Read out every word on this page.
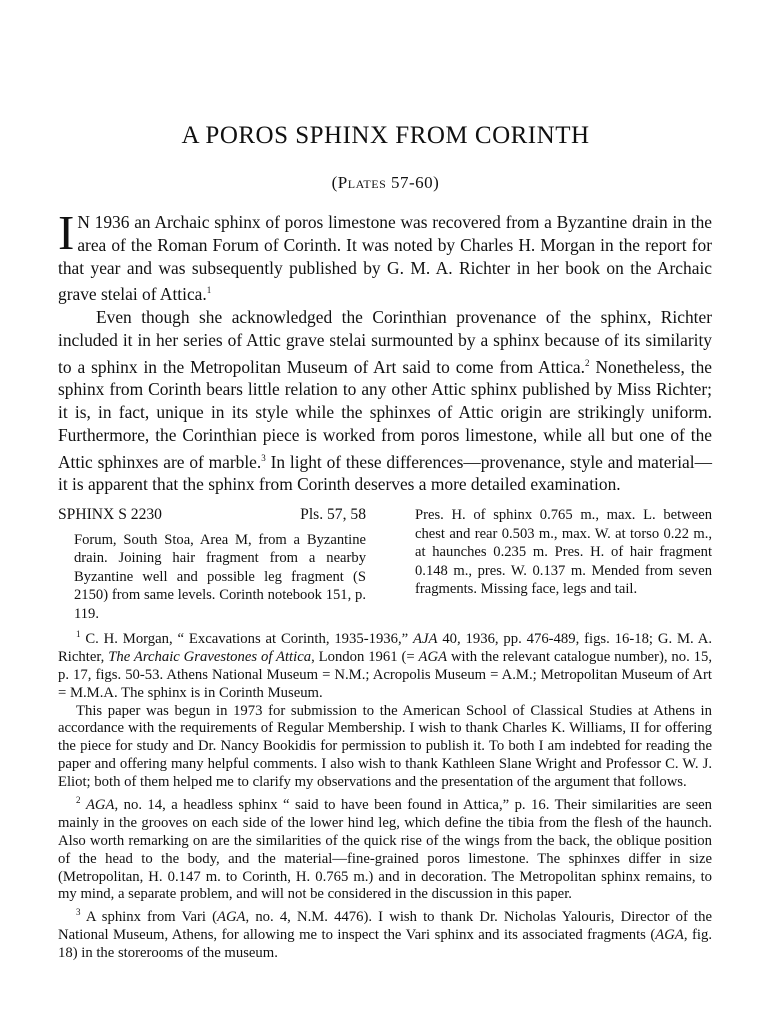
A POROS SPHINX FROM CORINTH
(Plates 57-60)

I N 1936 an Archaic sphinx of poros limestone was recovered from a Byzantine drain in the area of the Roman Forum of Corinth. It was noted by Charles H. Morgan in the report for that year and was subsequently published by G. M. A. Richter in her book on the Archaic grave stelai of Attica.$^1$

Even though she acknowledged the Corinthian provenance of the sphinx, Richter included it in her series of Attic grave stelai surmounted by a sphinx because of its similarity to a sphinx in the Metropolitan Museum of Art said to come from Attica.$^2$ Nonetheless, the sphinx from Corinth bears little relation to any other Attic sphinx published by Miss Richter; it is, in fact, unique in its style while the sphinxes of Attic origin are strikingly uniform. Furthermore, the Corinthian piece is worked from poros limestone, while all but one of the Attic sphinxes are of marble.$^3$ In light of these differences—provenance, style and material—it is apparent that the sphinx from Corinth deserves a more detailed examination.

SPHINX S 2230	Pls. 57, 58

Forum, South Stoa, Area M, from a Byzantine drain. Joining hair fragment from a nearby Byzantine well and possible leg fragment (S 2150) from same levels. Corinth notebook 151, p. 119.

Pres. H. of sphinx 0.765 m., max. L. between chest and rear 0.503 m., max. W. at torso 0.22 m., at haunches 0.235 m. Pres. H. of hair fragment 0.148 m., pres. W. 0.137 m. Mended from seven fragments. Missing face, legs and tail.

$^1$ C. H. Morgan, “ Excavations at Corinth, 1935-1936,” AJA 40, 1936, pp. 476-489, figs. 16-18; G. M. A. Richter, The Archaic Gravestones of Attica, London 1961 (= AGA with the relevant catalogue number), no. 15, p. 17, figs. 50-53. Athens National Museum = N.M.; Acropolis Museum = A.M.; Metropolitan Museum of Art = M.M.A. The sphinx is in Corinth Museum.

This paper was begun in 1973 for submission to the American School of Classical Studies at Athens in accordance with the requirements of Regular Membership. I wish to thank Charles K. Williams, II for offering the piece for study and Dr. Nancy Bookidis for permission to publish it. To both I am indebted for reading the paper and offering many helpful comments. I also wish to thank Kathleen Slane Wright and Professor C. W. J. Eliot; both of them helped me to clarify my observations and the presentation of the argument that follows.

$^2$ AGA, no. 14, a headless sphinx “ said to have been found in Attica,” p. 16. Their similarities are seen mainly in the grooves on each side of the lower hind leg, which define the tibia from the flesh of the haunch. Also worth remarking on are the similarities of the quick rise of the wings from the back, the oblique position of the head to the body, and the material—fine-grained poros limestone. The sphinxes differ in size (Metropolitan, H. 0.147 m. to Corinth, H. 0.765 m.) and in decoration. The Metropolitan sphinx remains, to my mind, a separate problem, and will not be considered in the discussion in this paper.

$^3$ A sphinx from Vari (AGA, no. 4, N.M. 4476). I wish to thank Dr. Nicholas Yalouris, Director of the National Museum, Athens, for allowing me to inspect the Vari sphinx and its associated fragments (AGA, fig. 18) in the storerooms of the museum.
